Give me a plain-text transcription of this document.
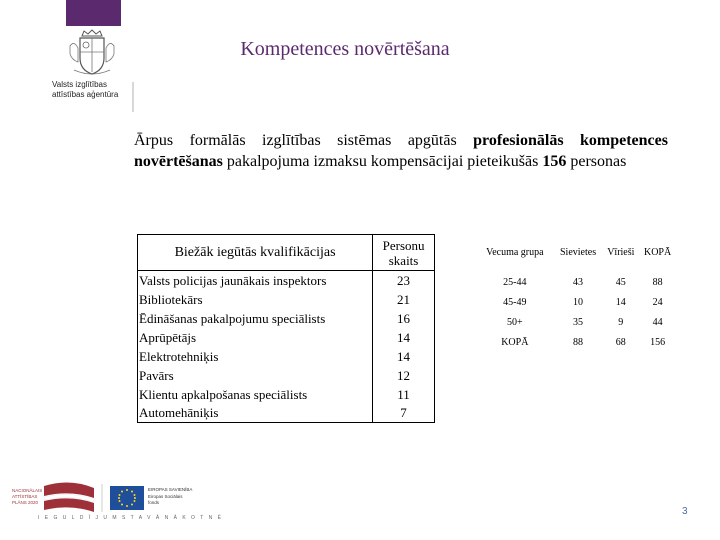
Kompetences novērtēšana
Valsts izglītības
attīstības aģentūra
Ārpus formālās izglītības sistēmas apgūtās profesionālās kompetences novērtēšanas pakalpojuma izmaksu kompensācijai pieteikušās 156 personas
Biežāk iegūtās kvalifikācijas	Personu skaits
Valsts policijas jaunākais inspektors	23
Bibliotekārs	21
Ēdināšanas pakalpojumu speciālists	16
Aprūpētājs	14
Elektrotehniķis	14
Pavārs	12
Klientu apkalpošanas speciālists	11
Automehāniķis	7
Vecuma grupa	Sievietes	Vīrieši	KOPĀ
25-44	43	45	88
45-49	10	14	24
50+	35	9	44
KOPĀ	88	68	156
NACIONĀLAIS
ATTĪSTĪBAS
PLĀNS 2020
EIROPAS SAVIENĪBA
Eiropas Sociālais
fonds
I E G U L D Ī J U M S T A V Ā N Ā K O T N Ē
3
